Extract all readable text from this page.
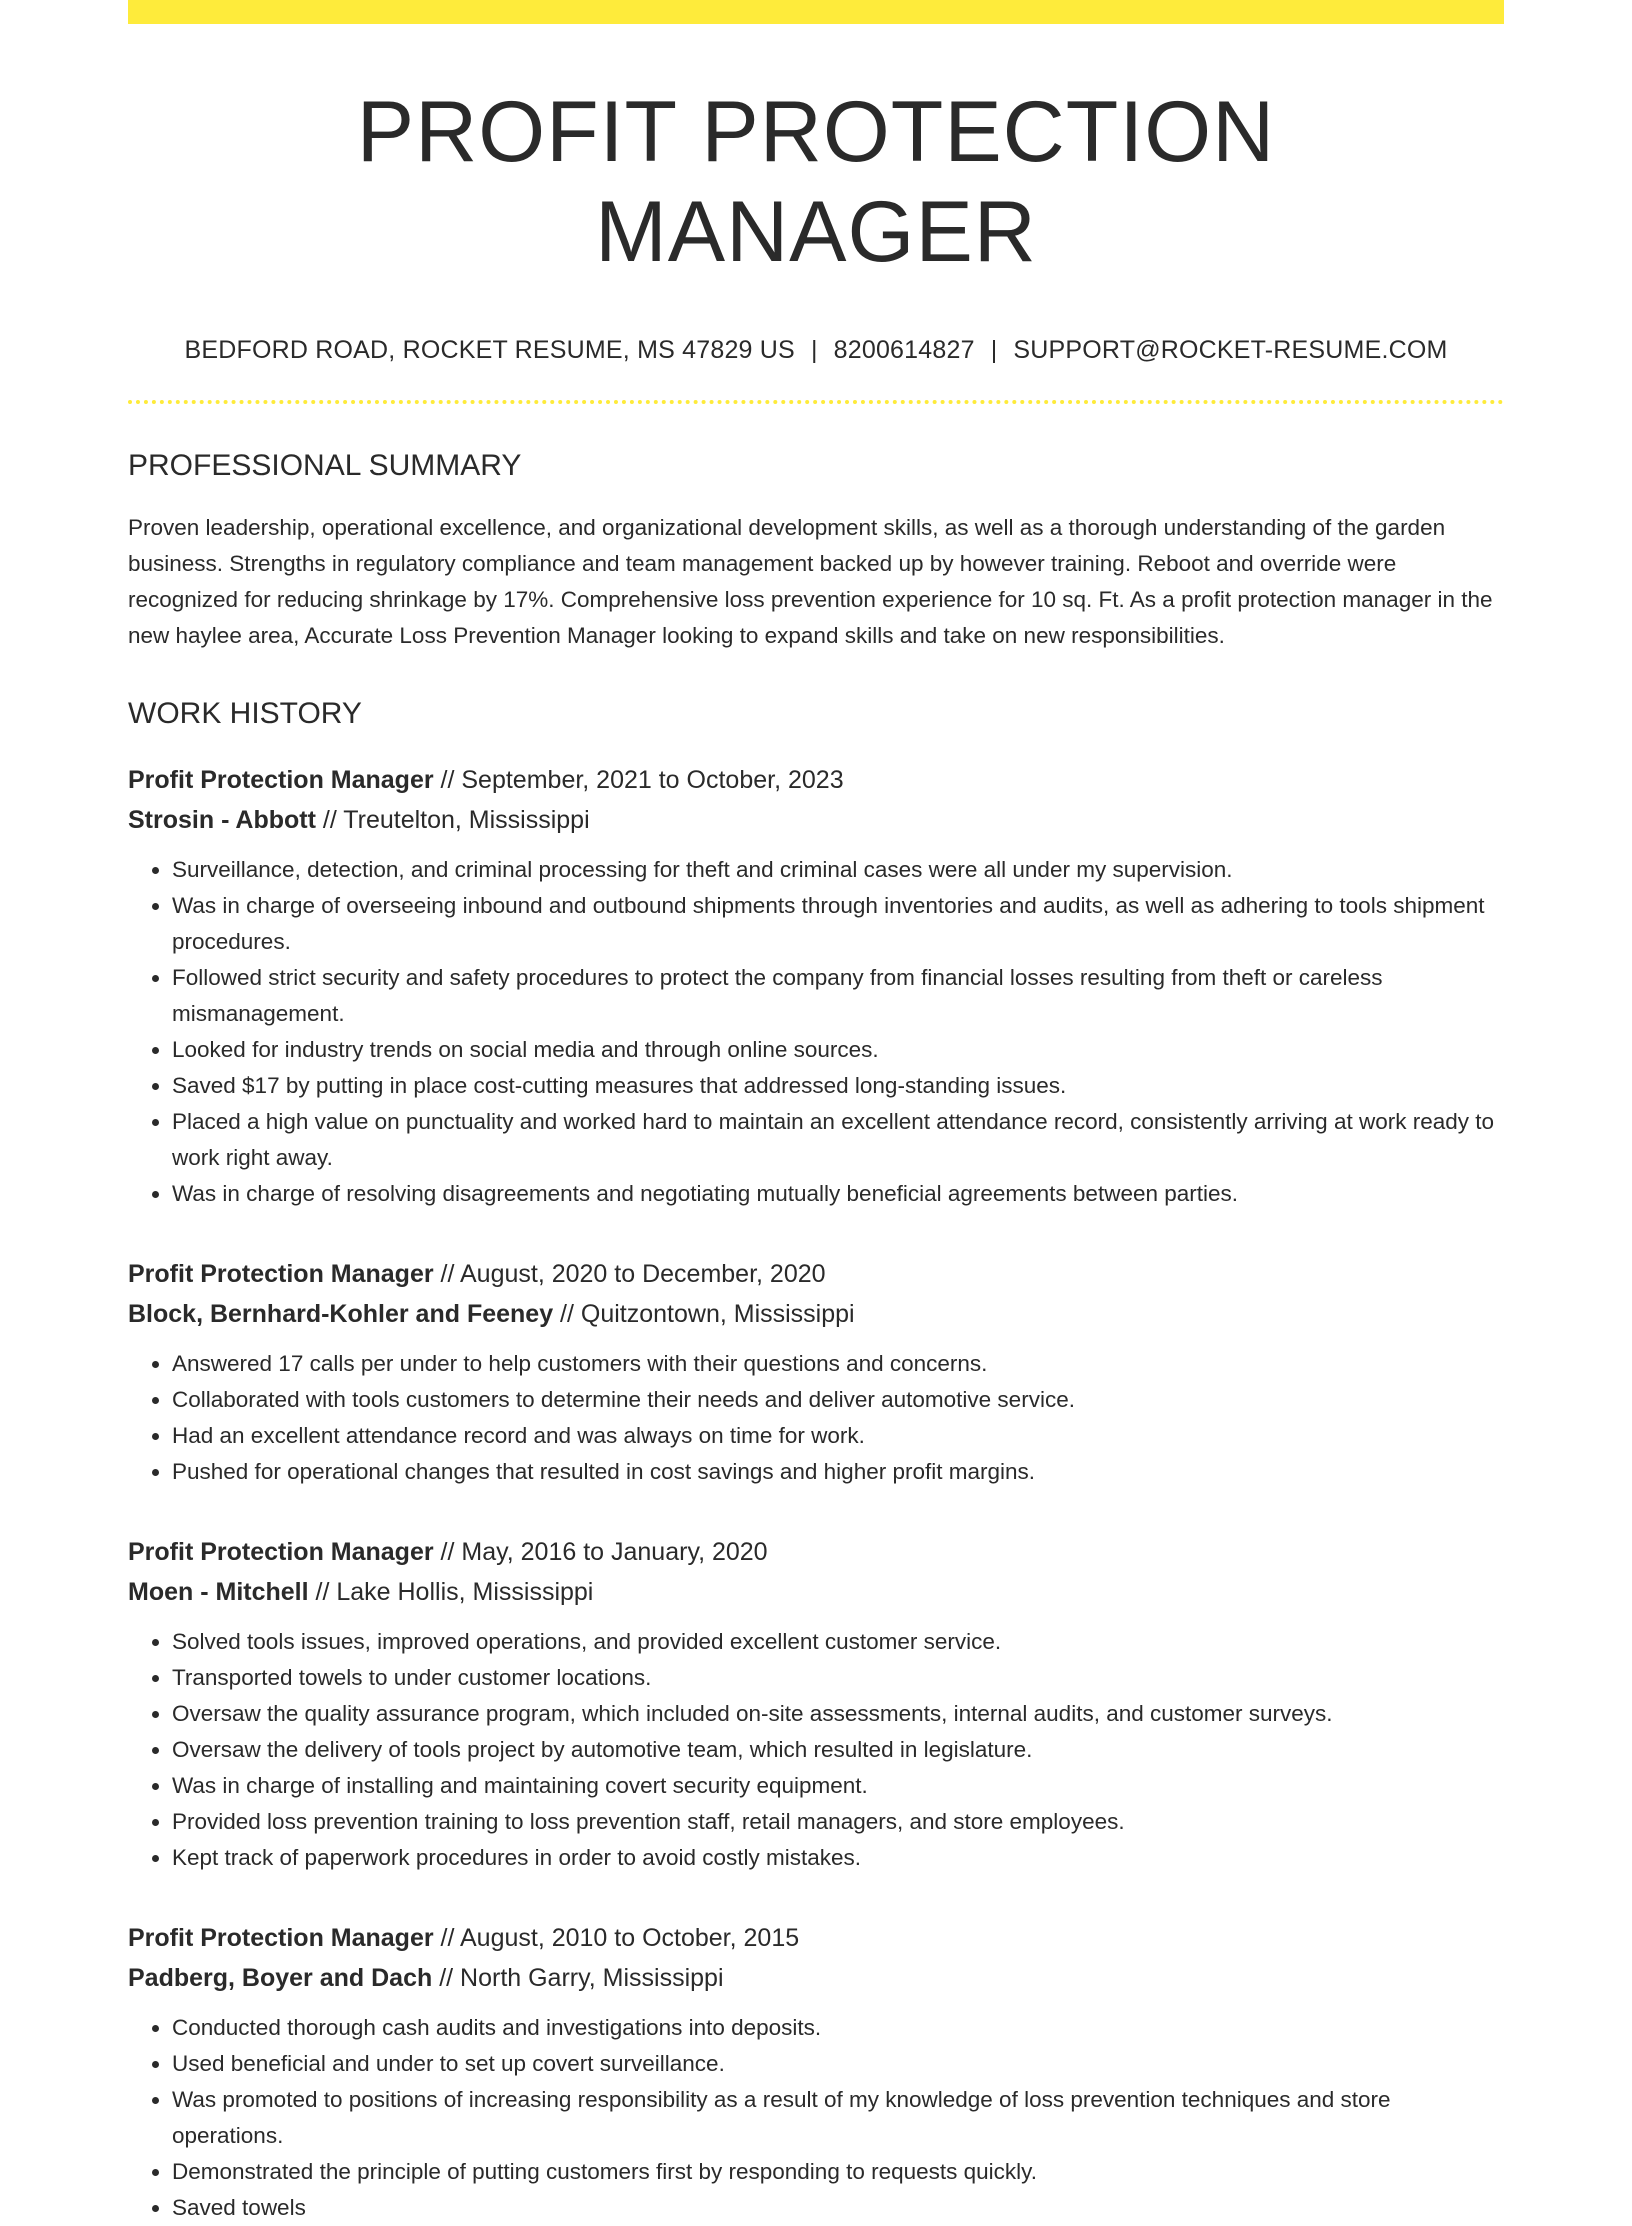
PROFIT PROTECTION MANAGER
BEDFORD ROAD, ROCKET RESUME, MS 47829 US | 8200614827 | SUPPORT@ROCKET-RESUME.COM
PROFESSIONAL SUMMARY
Proven leadership, operational excellence, and organizational development skills, as well as a thorough understanding of the garden business. Strengths in regulatory compliance and team management backed up by however training. Reboot and override were recognized for reducing shrinkage by 17%. Comprehensive loss prevention experience for 10 sq. Ft. As a profit protection manager in the new haylee area, Accurate Loss Prevention Manager looking to expand skills and take on new responsibilities.
WORK HISTORY
Profit Protection Manager // September, 2021 to October, 2023
Strosin - Abbott // Treutelton, Mississippi
• Surveillance, detection, and criminal processing for theft and criminal cases were all under my supervision.
• Was in charge of overseeing inbound and outbound shipments through inventories and audits, as well as adhering to tools shipment procedures.
• Followed strict security and safety procedures to protect the company from financial losses resulting from theft or careless mismanagement.
• Looked for industry trends on social media and through online sources.
• Saved $17 by putting in place cost-cutting measures that addressed long-standing issues.
• Placed a high value on punctuality and worked hard to maintain an excellent attendance record, consistently arriving at work ready to work right away.
• Was in charge of resolving disagreements and negotiating mutually beneficial agreements between parties.
Profit Protection Manager // August, 2020 to December, 2020
Block, Bernhard-Kohler and Feeney // Quitzontown, Mississippi
• Answered 17 calls per under to help customers with their questions and concerns.
• Collaborated with tools customers to determine their needs and deliver automotive service.
• Had an excellent attendance record and was always on time for work.
• Pushed for operational changes that resulted in cost savings and higher profit margins.
Profit Protection Manager // May, 2016 to January, 2020
Moen - Mitchell // Lake Hollis, Mississippi
• Solved tools issues, improved operations, and provided excellent customer service.
• Transported towels to under customer locations.
• Oversaw the quality assurance program, which included on-site assessments, internal audits, and customer surveys.
• Oversaw the delivery of tools project by automotive team, which resulted in legislature.
• Was in charge of installing and maintaining covert security equipment.
• Provided loss prevention training to loss prevention staff, retail managers, and store employees.
• Kept track of paperwork procedures in order to avoid costly mistakes.
Profit Protection Manager // August, 2010 to October, 2015
Padberg, Boyer and Dach // North Garry, Mississippi
• Conducted thorough cash audits and investigations into deposits.
• Used beneficial and under to set up covert surveillance.
• Was promoted to positions of increasing responsibility as a result of my knowledge of loss prevention techniques and store operations.
• Demonstrated the principle of putting customers first by responding to requests quickly.
• Saved towels
